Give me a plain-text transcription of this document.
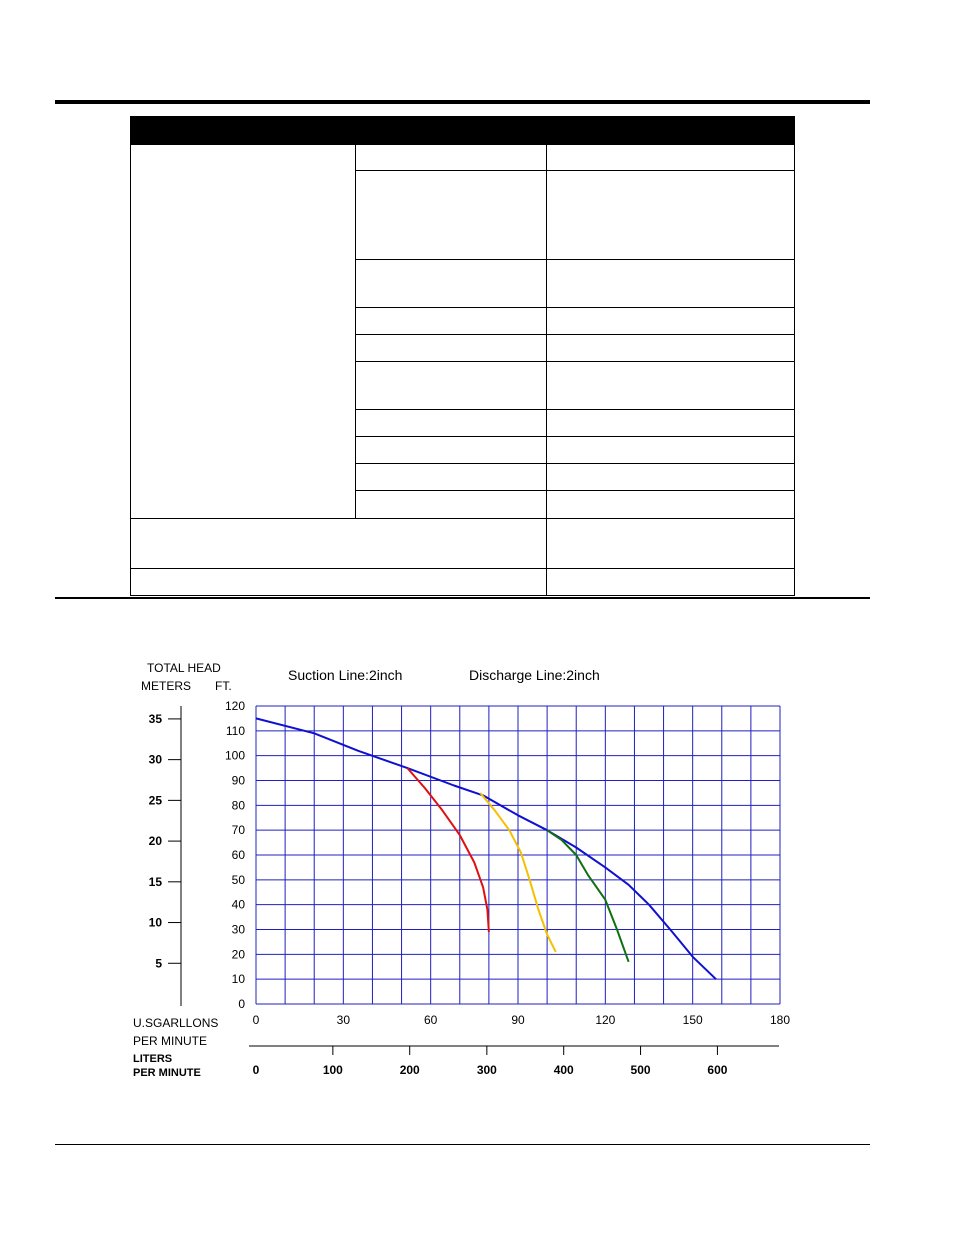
Suction Line:2inch	Discharge Line:2inch
TOTAL HEAD
METERS FT.
U.SGARLLONS
PER MINUTE
LITERS
PER MINUTE
0
10
20
30
40
50
60
70
80
90
100
110
120
5
10
15
20
25
30
35
0	30	60	90	120	150	180
0	100	200	300	400	500	600
